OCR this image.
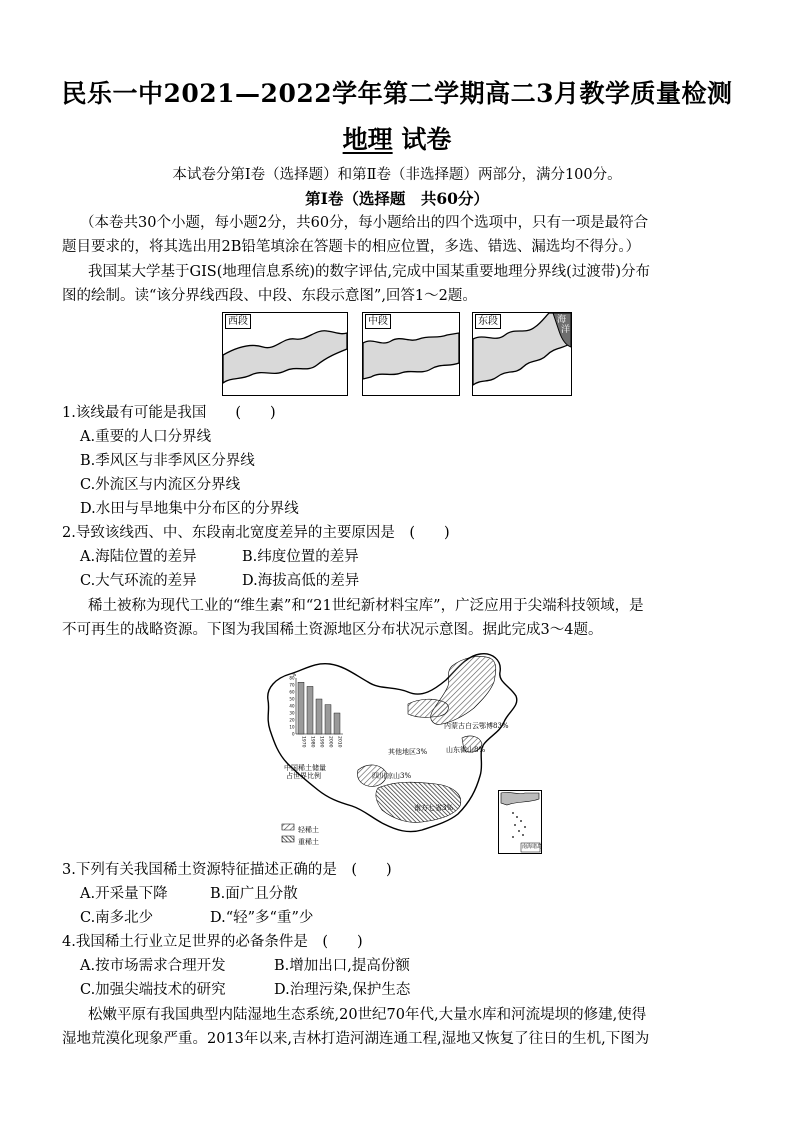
民乐一中2021—2022学年第二学期高二3月教学质量检测
地理 试卷
本试卷分第Ⅰ卷（选择题）和第Ⅱ卷（非选择题）两部分，满分100分。
第Ⅰ卷（选择题　共60分）
（本卷共30个小题，每小题2分，共60分，每小题给出的四个选项中，只有一项是最符合
题目要求的，将其选出用2B铅笔填涂在答题卡的相应位置，多选、错选、漏选均不得分。）
我国某大学基于GIS(地理信息系统)的数字评估,完成中国某重要地理分界线(过渡带)分布
图的绘制。读“该分界线西段、中段、东段示意图”,回答1～2题。
西段	中段	东段	海
洋
1.该线最有可能是我国　　(　　)
A.重要的人口分界线
B.季风区与非季风区分界线
C.外流区与内流区分界线
D.水田与旱地集中分布区的分界线
2.导致该线西、中、东段南北宽度差异的主要原因是　(　　)
A.海陆位置的差异	B.纬度位置的差异
C.大气环流的差异	D.海拔高低的差异
稀土被称为现代工业的“维生素”和“21世纪新材料宝库”，广泛应用于尖端科技领域，是
不可再生的战略资源。下图为我国稀土资源地区分布状况示意图。据此完成3～4题。
%
0
10
20
30
40
50
60
70
80
1970 1980 1990 2000 2010
内蒙古白云鄂博83%
其他地区3%	山东微山8%
四川凉山3%
南方七省3%
中国稀土储量
占世界比例
轻稀土
重稀土
南海诸岛
3.下列有关我国稀土资源特征描述正确的是　(　　)
A.开采量下降	B.面广且分散
C.南多北少	D.“轻”多“重”少
4.我国稀土行业立足世界的必备条件是　(　　)
A.按市场需求合理开发	B.增加出口,提高份额
C.加强尖端技术的研究	D.治理污染,保护生态
松嫩平原有我国典型内陆湿地生态系统,20世纪70年代,大量水库和河流堤坝的修建,使得
湿地荒漠化现象严重。2013年以来,吉林打造河湖连通工程,湿地又恢复了往日的生机,下图为
